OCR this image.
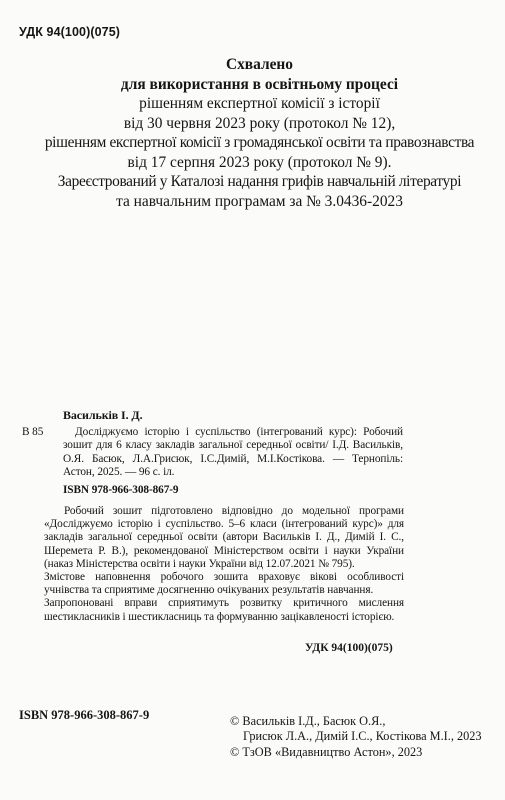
УДК 94(100)(075)
Схвалено
для використання в освітньому процесі
рішенням експертної комісії з історії
від 30 червня 2023 року (протокол № 12),
рішенням експертної комісії з громадянської освіти та правознавства
від 17 серпня 2023 року (протокол № 9).
Зареєстрований у Каталозі надання грифів навчальній літературі
та навчальним програмам за № 3.0436-2023
В 85
Васильків І. Д.
Досліджуємо історію і суспільство (інтегрований курс): Робочий зошит для 6 класу закладів загальної середньої освіти/ І.Д. Васильків, О.Я. Басюк, Л.А.Грисюк, І.С.Димій, М.І.Костікова. — Тернопіль: Астон, 2025. — 96 с. іл.
ISBN 978-966-308-867-9

Робочий зошит підготовлено відповідно до модельної програми «Досліджуємо історію і суспільство. 5–6 класи (інтегрований курс)» для закладів загальної середньої освіти (автори Васильків І. Д., Димій І. С., Шеремета Р. В.), рекомендованої Міністерством освіти і науки України (наказ Міністерства освіти і науки України від 12.07.2021 № 795).

Змістове наповнення робочого зошита враховує вікові особливості учнівства та сприятиме досягненню очікуваних результатів навчання.

Запропоновані вправи сприятимуть розвитку критичного мислення шестикласників і шестикласниць та формуванню зацікавленості історією.

УДК 94(100)(075)
ISBN 978-966-308-867-9	© Васильків І.Д., Басюк О.Я.,
Грисюк Л.А., Димій І.С., Костікова М.І., 2023
© ТзОВ «Видавництво Астон», 2023
